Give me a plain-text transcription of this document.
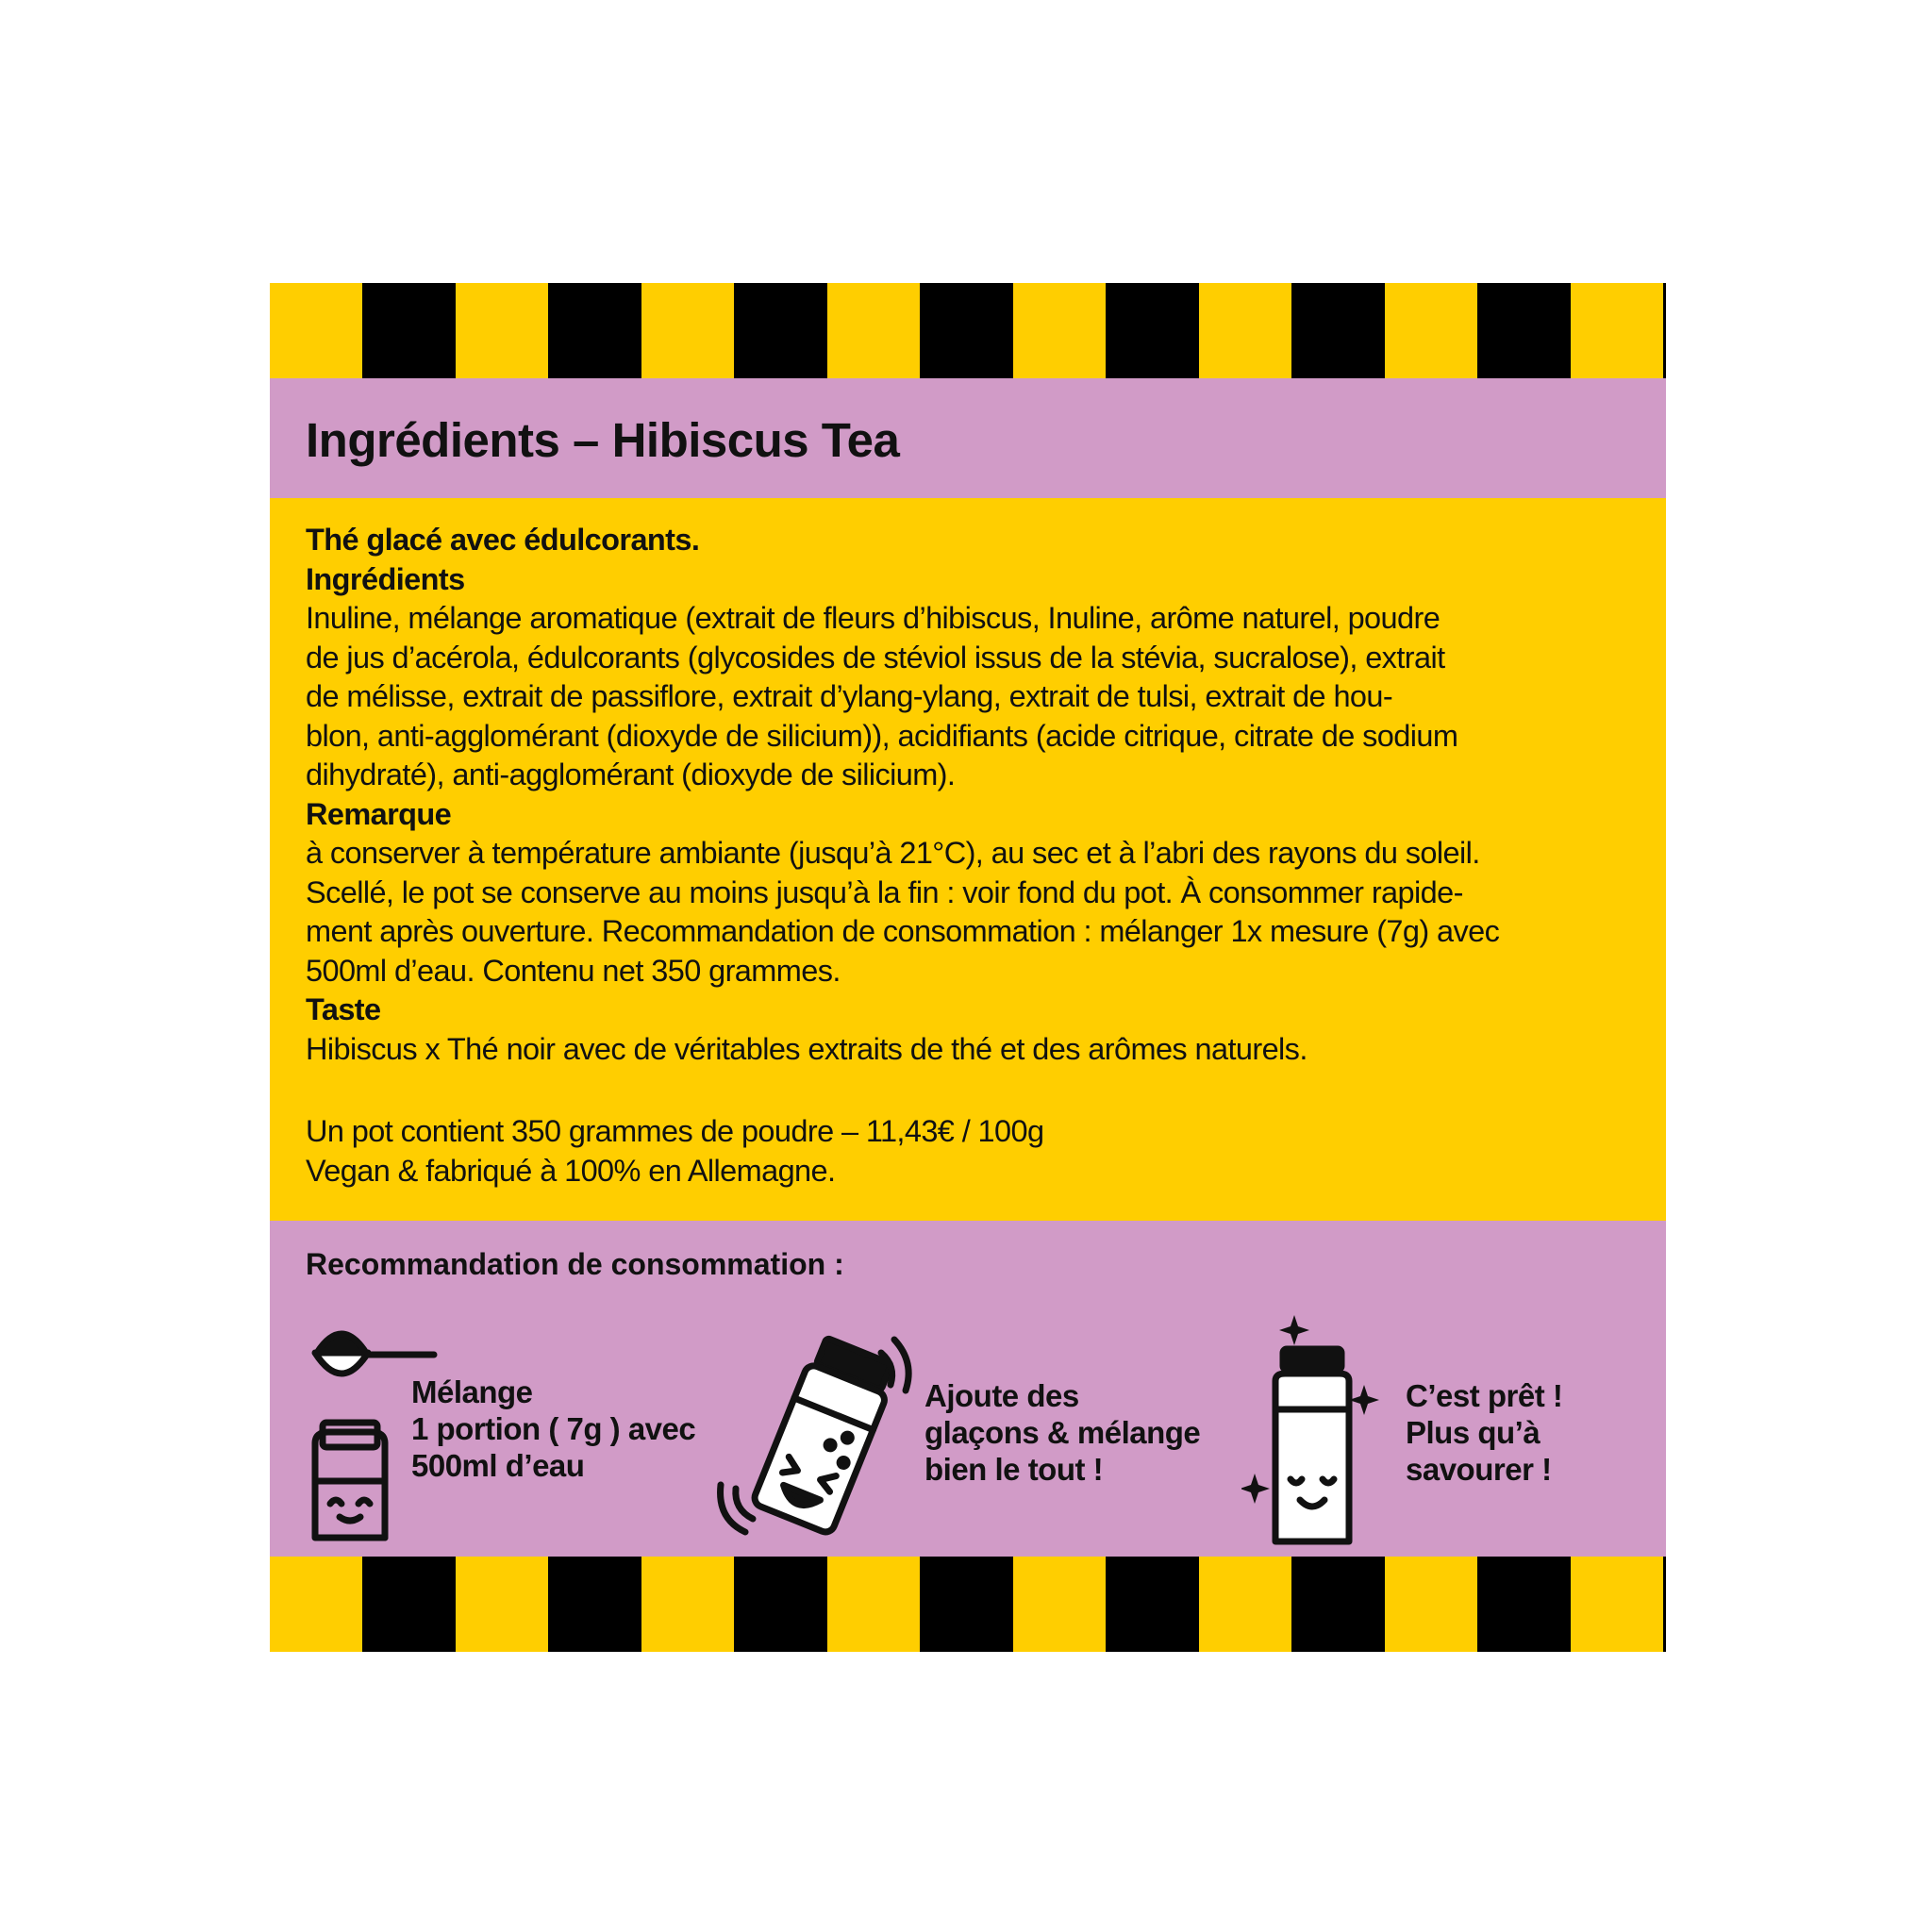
Ingrédients – Hibiscus Tea

Thé glacé avec édulcorants.

Ingrédients

Inuline, mélange aromatique (extrait de fleurs d’hibiscus, Inuline, arôme naturel, poudre

de jus d’acérola, édulcorants (glycosides de stéviol issus de la stévia, sucralose), extrait

de mélisse, extrait de passiflore, extrait d’ylang-ylang, extrait de tulsi, extrait de hou-

blon, anti-agglomérant (dioxyde de silicium)), acidifiants (acide citrique, citrate de sodium

dihydraté), anti-agglomérant (dioxyde de silicium).

Remarque

à conserver à température ambiante (jusqu’à 21°C), au sec et à l’abri des rayons du soleil.

Scellé, le pot se conserve au moins jusqu’à la fin : voir fond du pot. À consommer rapide-

ment après ouverture. Recommandation de consommation : mélanger 1x mesure (7g) avec

500ml d’eau. Contenu net 350 grammes.

Taste

Hibiscus x Thé noir avec de véritables extraits de thé et des arômes naturels.

Un pot contient 350 grammes de poudre – 11,43€ / 100g

Vegan & fabriqué à 100% en Allemagne.

Recommandation de consommation :

Mélange
1 portion ( 7g ) avec
500ml d’eau
Ajoute des
glaçons & mélange
bien le tout !
C’est prêt !
Plus qu’à
savourer !
